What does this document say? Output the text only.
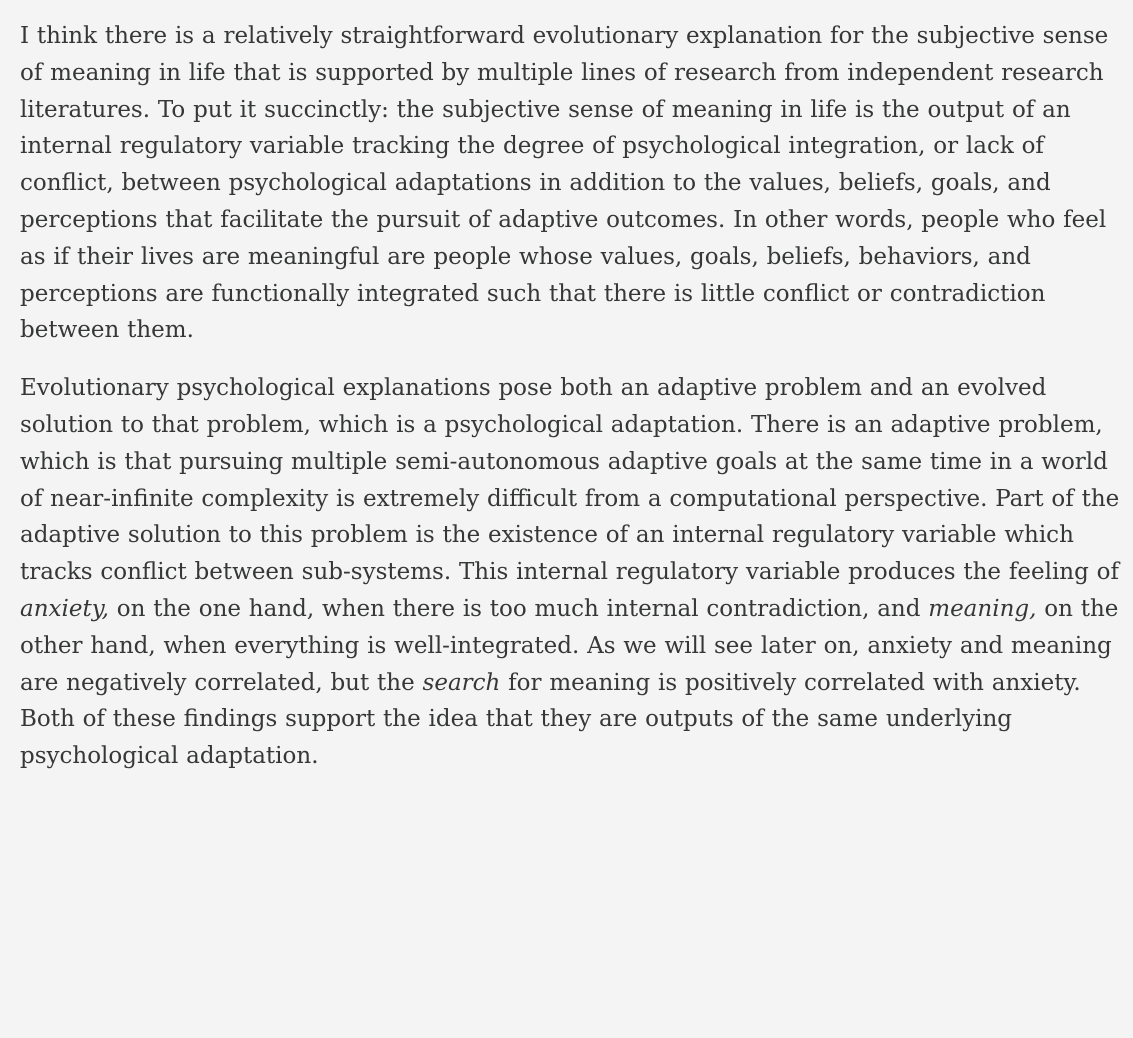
I think there is a relatively straightforward evolutionary explanation for the subjective sense of meaning in life that is supported by multiple lines of research from independent research literatures. To put it succinctly: the subjective sense of meaning in life is the output of an internal regulatory variable tracking the degree of psychological integration, or lack of conflict, between psychological adaptations in addition to the values, beliefs, goals, and perceptions that facilitate the pursuit of adaptive outcomes. In other words, people who feel as if their lives are meaningful are people whose values, goals, beliefs, behaviors, and perceptions are functionally integrated such that there is little conflict or contradiction between them.

Evolutionary psychological explanations pose both an adaptive problem and an evolved solution to that problem, which is a psychological adaptation. There is an adaptive problem, which is that pursuing multiple semi-autonomous adaptive goals at the same time in a world of near-infinite complexity is extremely difficult from a computational perspective. Part of the adaptive solution to this problem is the existence of an internal regulatory variable which tracks conflict between sub-systems. This internal regulatory variable produces the feeling of anxiety, on the one hand, when there is too much internal contradiction, and meaning, on the other hand, when everything is well-integrated. As we will see later on, anxiety and meaning are negatively correlated, but the search for meaning is positively correlated with anxiety. Both of these findings support the idea that they are outputs of the same underlying psychological adaptation.
